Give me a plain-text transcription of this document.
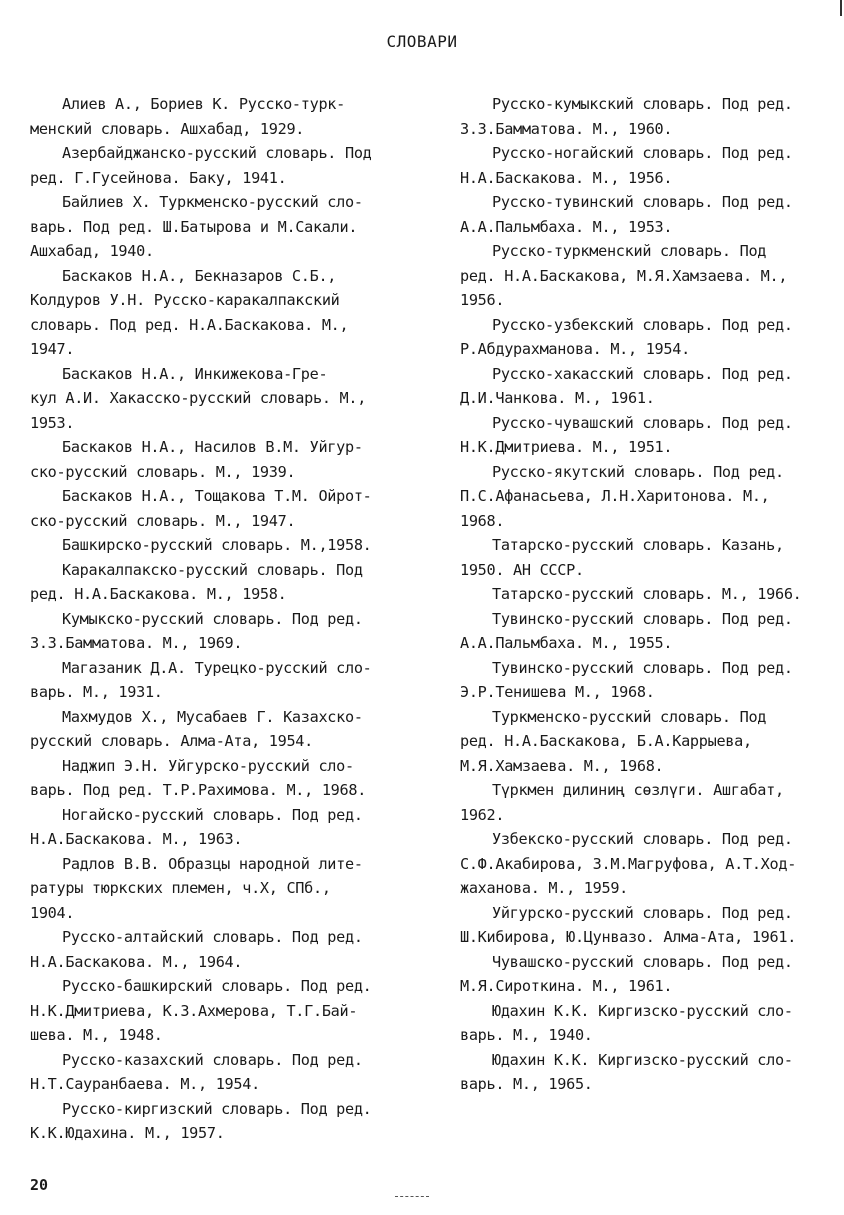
СЛОВАРИ

Алиев А., Бориев К. Русско-турк-
менский словарь. Ашхабад, 1929.

Азербайджанско-русский словарь. Под
ред. Г.Гусейнова. Баку, 1941.

Байлиев Х. Туркменско-русский сло-
варь. Под ред. Ш.Батырова и М.Сакали.
Ашхабад, 1940.

Баскаков Н.А., Бекназаров С.Б.,
Колдуров У.Н. Русско-каракалпакский
словарь. Под ред. Н.А.Баскакова. М.,
1947.

Баскаков Н.А., Инкижекова-Гре-
кул А.И. Хакасско-русский словарь. М.,
1953.

Баскаков Н.А., Насилов В.М. Уйгур-
ско-русский словарь. М., 1939.

Баскаков Н.А., Тощакова Т.М. Ойрот-
ско-русский словарь. М., 1947.

Башкирско-русский словарь. М.,1958.

Каракалпакско-русский словарь. Под
ред. Н.А.Баскакова. М., 1958.

Кумыкско-русский словарь. Под ред.
З.З.Бамматова. М., 1969.

Магазаник Д.А. Турецко-русский сло-
варь. М., 1931.

Махмудов Х., Мусабаев Г. Казахско-
русский словарь. Алма-Ата, 1954.

Наджип Э.Н. Уйгурско-русский сло-
варь. Под ред. Т.Р.Рахимова. М., 1968.

Ногайско-русский словарь. Под ред.
Н.А.Баскакова. М., 1963.

Радлов В.В. Образцы народной лите-
ратуры тюркских племен, ч.Х, СПб.,
1904.

Русско-алтайский словарь. Под ред.
Н.А.Баскакова. М., 1964.

Русско-башкирский словарь. Под ред.
Н.К.Дмитриева, К.З.Ахмерова, Т.Г.Бай-
шева. М., 1948.

Русско-казахский словарь. Под ред.
Н.Т.Сауранбаева. М., 1954.

Русско-киргизский словарь. Под ред.
К.К.Юдахина. М., 1957.

Русско-кумыкский словарь. Под ред.
З.З.Бамматова. М., 1960.

Русско-ногайский словарь. Под ред.
Н.А.Баскакова. М., 1956.

Русско-тувинский словарь. Под ред.
А.А.Пальмбаха. М., 1953.

Русско-туркменский словарь. Под
ред. Н.А.Баскакова, М.Я.Хамзаева. М.,
1956.

Русско-узбекский словарь. Под ред.
Р.Абдурахманова. М., 1954.

Русско-хакасский словарь. Под ред.
Д.И.Чанкова. М., 1961.

Русско-чувашский словарь. Под ред.
Н.К.Дмитриева. М., 1951.

Русско-якутский словарь. Под ред.
П.С.Афанасьева, Л.Н.Харитонова. М.,
1968.

Татарско-русский словарь. Казань,
1950. АН СССР.

Татарско-русский словарь. М., 1966.

Тувинско-русский словарь. Под ред.
А.А.Пальмбаха. М., 1955.

Тувинско-русский словарь. Под ред.
Э.Р.Тенишева М., 1968.

Туркменско-русский словарь. Под
ред. Н.А.Баскакова, Б.А.Каррыева,
М.Я.Хамзаева. М., 1968.

Түркмен дилиниң сөзлүги. Ашгабат,
1962.

Узбекско-русский словарь. Под ред.
С.Ф.Акабирова, З.М.Магруфова, А.Т.Ход-
жаханова. М., 1959.

Уйгурско-русский словарь. Под ред.
Ш.Кибирова, Ю.Цунвазо. Алма-Ата, 1961.

Чувашско-русский словарь. Под ред.
М.Я.Сироткина. М., 1961.

Юдахин К.К. Киргизско-русский сло-
варь. М., 1940.

Юдахин К.К. Киргизско-русский сло-
варь. М., 1965.

20
